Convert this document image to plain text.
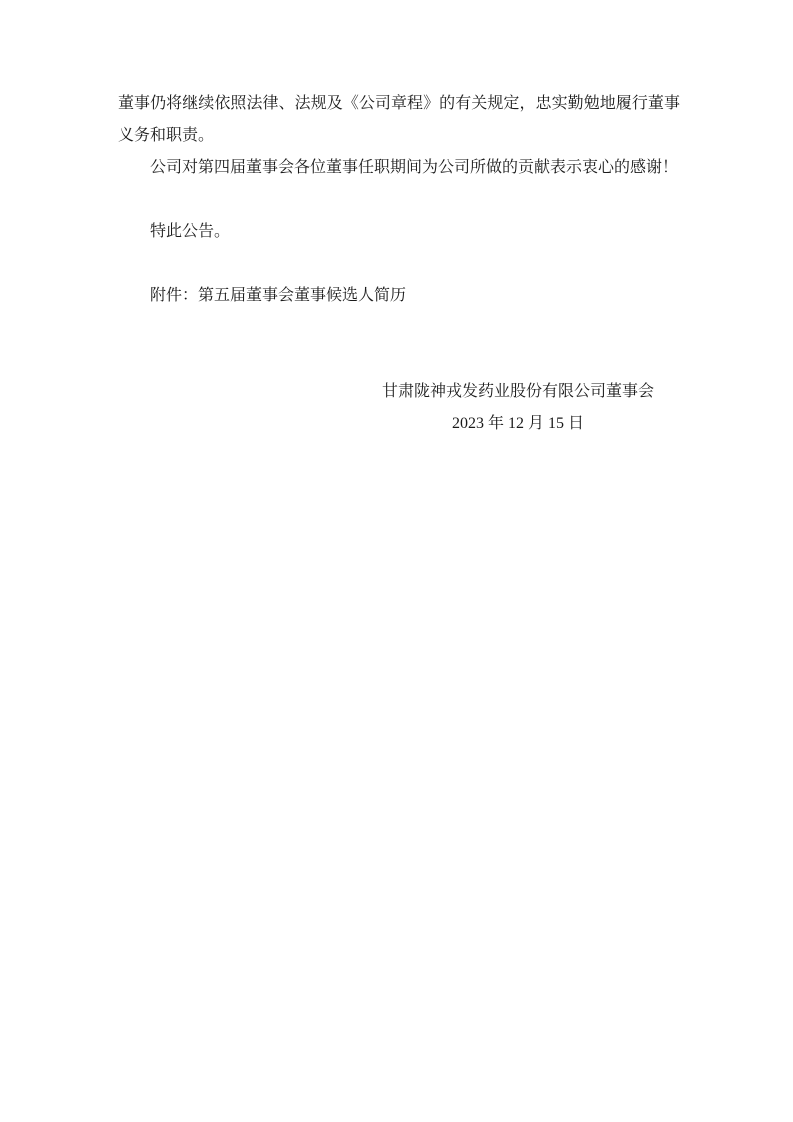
董事仍将继续依照法律、法规及《公司章程》的有关规定，忠实勤勉地履行董事义务和职责。

公司对第四届董事会各位董事任职期间为公司所做的贡献表示衷心的感谢！

特此公告。

附件：第五届董事会董事候选人简历

甘肃陇神戎发药业股份有限公司董事会
2023 年 12 月 15 日
